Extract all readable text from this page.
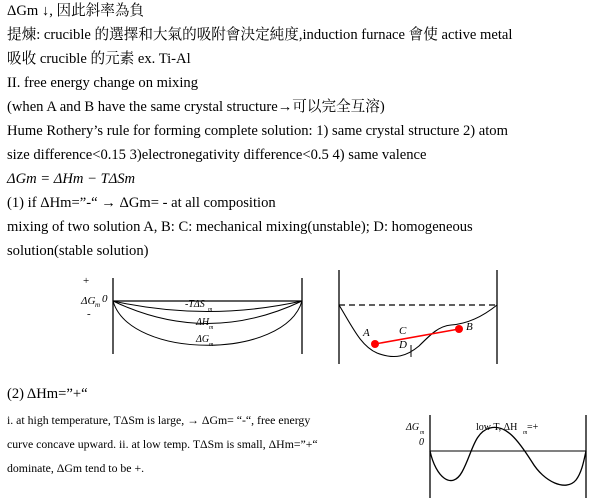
ΔGm ↓, 因此斜率為負
提煉: crucible 的選擇和大氣的吸附會決定純度,induction furnace 會使 active metal
吸收 crucible 的元素 ex. Ti-Al
II. free energy change on mixing
(when A and B have the same crystal structure→可以完全互溶)
Hume Rothery’s rule for forming complete solution: 1) same crystal structure 2) atom
size difference<0.15 3)electronegativity difference<0.5 4) same valence
ΔGm = ΔHm − TΔSm
(1) if ΔHm=”-“ → ΔGm= - at all composition
mixing of two solution A, B: C: mechanical mixing(unstable); D: homogeneous
solution(stable solution)
+
ΔG m 0
-
-TΔS m
ΔH m
ΔG m
A	B
C
D
(2) ΔHm=”+“
i. at high temperature, TΔSm is large, → ΔGm= “-“, free energy
curve concave upward. ii. at low temp. TΔSm is small, ΔHm=”+“
dominate, ΔGm tend to be +.
ΔG m
0
low T, ΔH m =+
